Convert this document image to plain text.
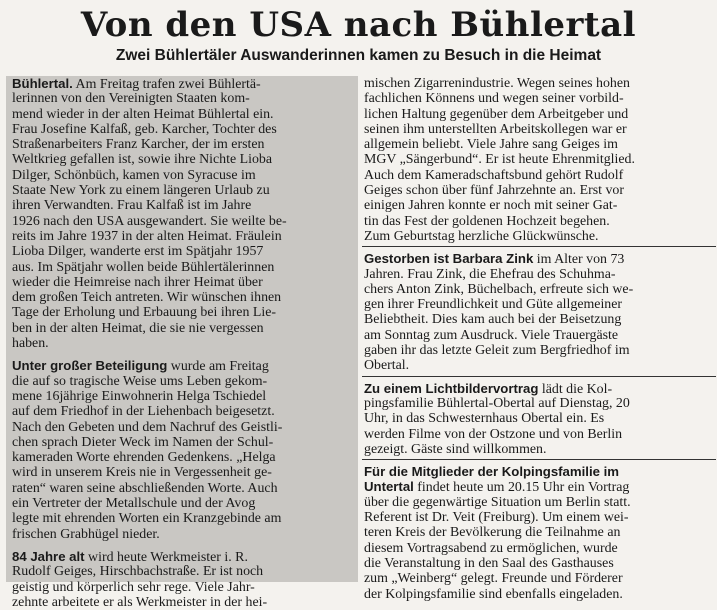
Von den USA nach Bühlertal
Zwei Bühlertäler Auswanderinnen kamen zu Besuch in die Heimat
Bühlertal. Am Freitag trafen zwei Bühlertä-
lerinnen von den Vereinigten Staaten kom-
mend wieder in der alten Heimat Bühlertal ein.
Frau Josefine Kalfaß, geb. Karcher, Tochter des
Straßenarbeiters Franz Karcher, der im ersten
Weltkrieg gefallen ist, sowie ihre Nichte Lioba
Dilger, Schönbüch, kamen von Syracuse im
Staate New York zu einem längeren Urlaub zu
ihren Verwandten. Frau Kalfaß ist im Jahre
1926 nach den USA ausgewandert. Sie weilte be-
reits im Jahre 1937 in der alten Heimat. Fräulein
Lioba Dilger, wanderte erst im Spätjahr 1957
aus. Im Spätjahr wollen beide Bühlertälerinnen
wieder die Heimreise nach ihrer Heimat über
dem großen Teich antreten. Wir wünschen ihnen
Tage der Erholung und Erbauung bei ihren Lie-
ben in der alten Heimat, die sie nie vergessen
haben.
Unter großer Beteiligung wurde am Freitag
die auf so tragische Weise ums Leben gekom-
mene 16jährige Einwohnerin Helga Tschiedel
auf dem Friedhof in der Liehenbach beigesetzt.
Nach den Gebeten und dem Nachruf des Geistli-
chen sprach Dieter Weck im Namen der Schul-
kameraden Worte ehrenden Gedenkens. „Helga
wird in unserem Kreis nie in Vergessenheit ge-
raten“ waren seine abschließenden Worte. Auch
ein Vertreter der Metallschule und der Avog
legte mit ehrenden Worten ein Kranzgebinde am
frischen Grabhügel nieder.
84 Jahre alt wird heute Werkmeister i. R.
Rudolf Geiges, Hirschbachstraße. Er ist noch
geistig und körperlich sehr rege. Viele Jahr-
zehnte arbeitete er als Werkmeister in der hei-
mischen Zigarrenindustrie. Wegen seines hohen
fachlichen Könnens und wegen seiner vorbild-
lichen Haltung gegenüber dem Arbeitgeber und
seinen ihm unterstellten Arbeitskollegen war er
allgemein beliebt. Viele Jahre sang Geiges im
MGV „Sängerbund“. Er ist heute Ehrenmitglied.
Auch dem Kameradschaftsbund gehört Rudolf
Geiges schon über fünf Jahrzehnte an. Erst vor
einigen Jahren konnte er noch mit seiner Gat-
tin das Fest der goldenen Hochzeit begehen.
Zum Geburtstag herzliche Glückwünsche.
Gestorben ist Barbara Zink im Alter von 73
Jahren. Frau Zink, die Ehefrau des Schuhma-
chers Anton Zink, Büchelbach, erfreute sich we-
gen ihrer Freundlichkeit und Güte allgemeiner
Beliebtheit. Dies kam auch bei der Beisetzung
am Sonntag zum Ausdruck. Viele Trauergäste
gaben ihr das letzte Geleit zum Bergfriedhof im
Obertal.
Zu einem Lichtbildervortrag lädt die Kol-
pingsfamilie Bühlertal-Obertal auf Dienstag, 20
Uhr, in das Schwesternhaus Obertal ein. Es
werden Filme von der Ostzone und von Berlin
gezeigt. Gäste sind willkommen.
Für die Mitglieder der Kolpingsfamilie im
Untertal findet heute um 20.15 Uhr ein Vortrag
über die gegenwärtige Situation um Berlin statt.
Referent ist Dr. Veit (Freiburg). Um einem wei-
teren Kreis der Bevölkerung die Teilnahme an
diesem Vortragsabend zu ermöglichen, wurde
die Veranstaltung in den Saal des Gasthauses
zum „Weinberg“ gelegt. Freunde und Förderer
der Kolpingsfamilie sind ebenfalls eingeladen.
